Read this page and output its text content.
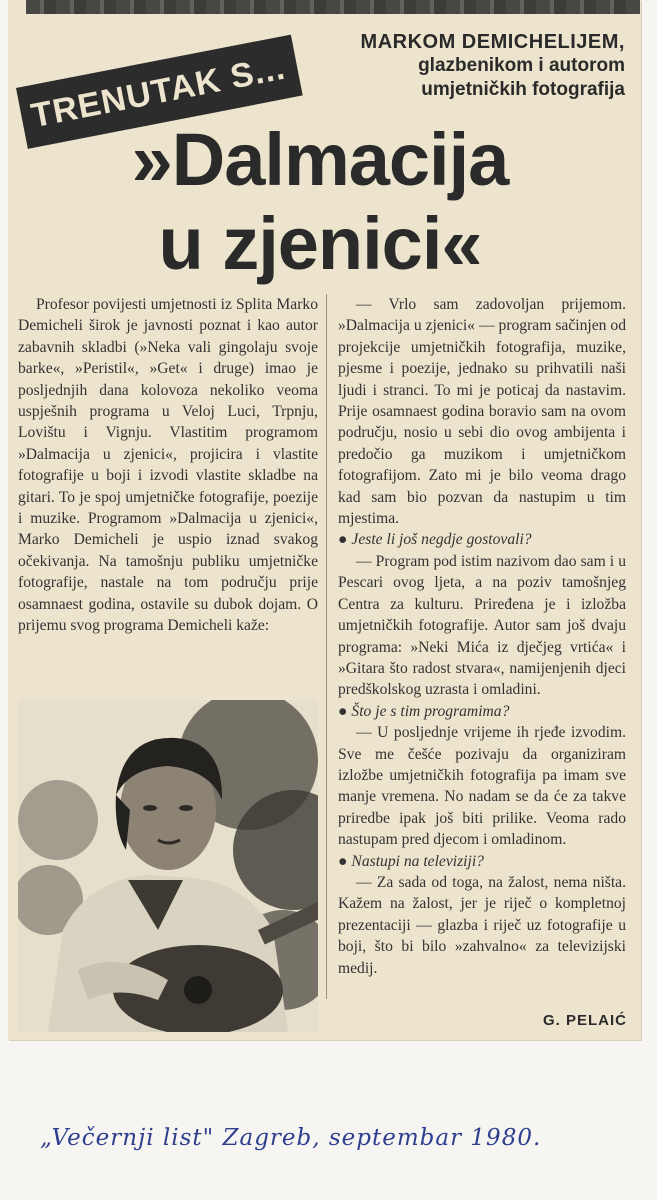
TRENUTAK S...
MARKOM DEMICHELIJEM,
glazbenikom i autorom
umjetničkih fotografija
»Dalmacija
u zjenici«
Profesor povijesti umjetnosti iz Splita Marko Demicheli širok je javnosti poznat i kao autor zabavnih skladbi (»Neka vali gingolaju svoje barke«, »Peristil«, »Get« i druge) imao je posljednjih dana kolovoza nekoliko veoma uspješnih programa u Veloj Luci, Trpnju, Lovištu i Vignju. Vlastitim programom »Dalmacija u zjenici«, projicira i vlastite fotografije u boji i izvodi vlastite skladbe na gitari. To je spoj umjetničke fotografije, poezije i muzike. Programom »Dalmacija u zjenici«, Marko Demicheli je uspio iznad svakog očekivanja. Na tamošnju publiku umjetničke fotografije, nastale na tom području prije osamnaest godina, ostavile su dubok dojam. O prijemu svog programa Demicheli kaže:

— Vrlo sam zadovoljan prijemom. »Dalmacija u zjenici« — program sačinjen od projekcije umjetničkih fotografija, muzike, pjesme i poezije, jednako su prihvatili naši ljudi i stranci. To mi je poticaj da nastavim. Prije osamnaest godina boravio sam na ovom području, nosio u sebi dio ovog ambijenta i predočio ga muzikom i umjetničkom fotografijom. Zato mi je bilo veoma drago kad sam bio pozvan da nastupim u tim mjestima.

● Jeste li još negdje gostovali?

— Program pod istim nazivom dao sam i u Pescari ovog ljeta, a na poziv tamošnjeg Centra za kulturu. Priređena je i izložba umjetničkih fotografije. Autor sam još dvaju programa: »Neki Mića iz dječjeg vrtića« i »Gitara što radost stvara«, namijenjenih djeci predškolskog uzrasta i omladini.

● Što je s tim programima?

— U posljednje vrijeme ih rjeđe izvodim. Sve me češće pozivaju da organiziram izložbe umjetničkih fotografija pa imam sve manje vremena. No nadam se da će za takve priredbe ipak još biti prilike. Veoma rado nastupam pred djecom i omladinom.

● Nastupi na televiziji?

— Za sada od toga, na žalost, nema ništa. Kažem na žalost, jer je riječ o kompletnoj prezentaciji — glazba i riječ uz fotografije u boji, što bi bilo »zahvalno« za televizijski medij.

G. PELAIĆ
„Večernji list" Zagreb, septembar 1980.
